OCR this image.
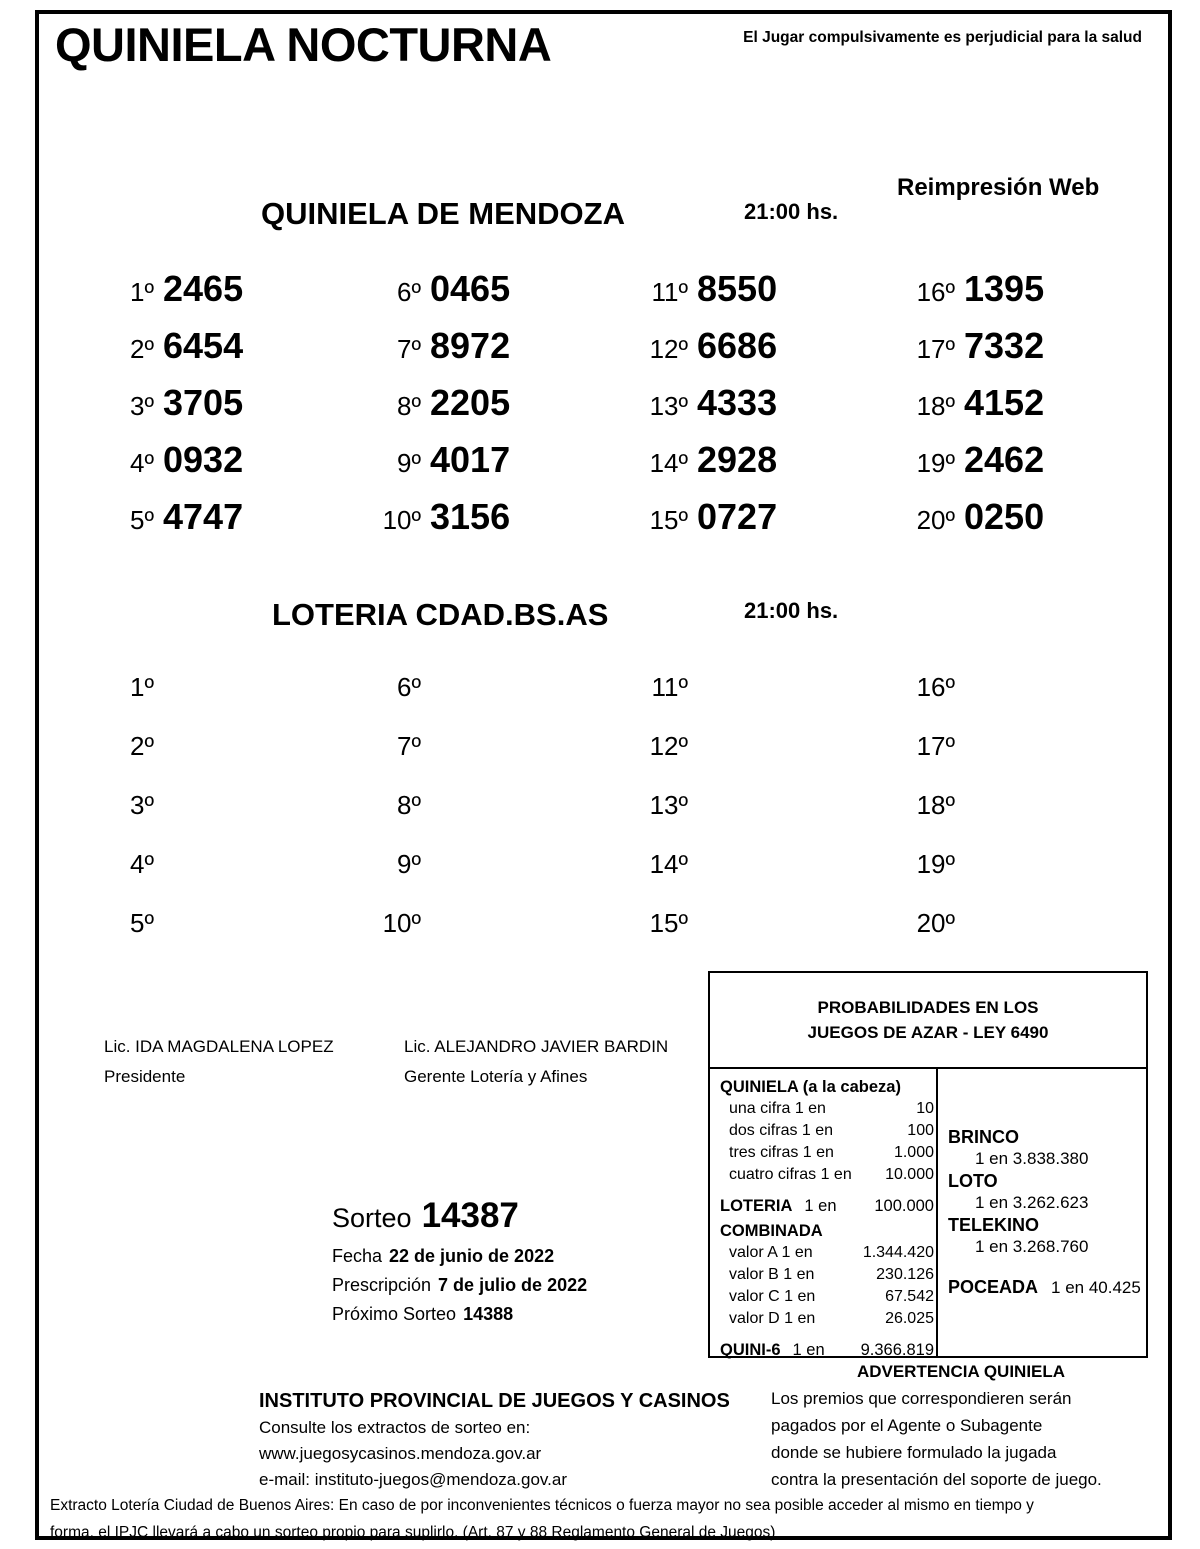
QUINIELA NOCTURNA	El Jugar compulsivamente es perjudicial para la salud
QUINIELA DE MENDOZA	21:00 hs.
Reimpresión Web
1º 2465	6º 0465	11º 8550	16º 1395
2º 6454	7º 8972	12º 6686	17º 7332
3º 3705	8º 2205	13º 4333	18º 4152
4º 0932	9º 4017	14º 2928	19º 2462
5º 4747	10º 3156	15º 0727	20º 0250
LOTERIA CDAD.BS.AS	21:00 hs.
1º	6º	11º	16º
2º	7º	12º	17º
3º	8º	13º	18º
4º	9º	14º	19º
5º	10º	15º	20º
Lic. IDA MAGDALENA LOPEZ
Presidente
Lic. ALEJANDRO JAVIER BARDIN
Gerente Lotería y Afines
Sorteo 14387
Fecha 22 de junio de 2022
Prescripción 7 de julio de 2022
Próximo Sorteo 14388
PROBABILIDADES EN LOS
JUEGOS DE AZAR - LEY 6490
QUINIELA (a la cabeza)
una cifra 1 en	10
dos cifras 1 en	100
tres cifras 1 en	1.000
cuatro cifras 1 en 10.000
LOTERIA 1 en 100.000
COMBINADA
valor A 1 en	1.344.420
valor B 1 en	230.126
valor C 1 en	67.542
valor D 1 en	26.025
QUINI-6 1 en 9.366.819
BRINCO
1 en 3.838.380
LOTO
1 en 3.262.623
TELEKINO
1 en 3.268.760
POCEADA 1 en 40.425
ADVERTENCIA QUINIELA
Los premios que correspondieren serán
pagados por el Agente o Subagente
donde se hubiere formulado la jugada
contra la presentación del soporte de juego.
INSTITUTO PROVINCIAL DE JUEGOS Y CASINOS
Consulte los extractos de sorteo en:
www.juegosycasinos.mendoza.gov.ar
e-mail: instituto-juegos@mendoza.gov.ar
Extracto Lotería Ciudad de Buenos Aires: En caso de por inconvenientes técnicos o fuerza mayor no sea posible acceder al mismo en tiempo y
forma, el IPJC llevará a cabo un sorteo propio para suplirlo. (Art. 87 y 88 Reglamento General de Juegos)
